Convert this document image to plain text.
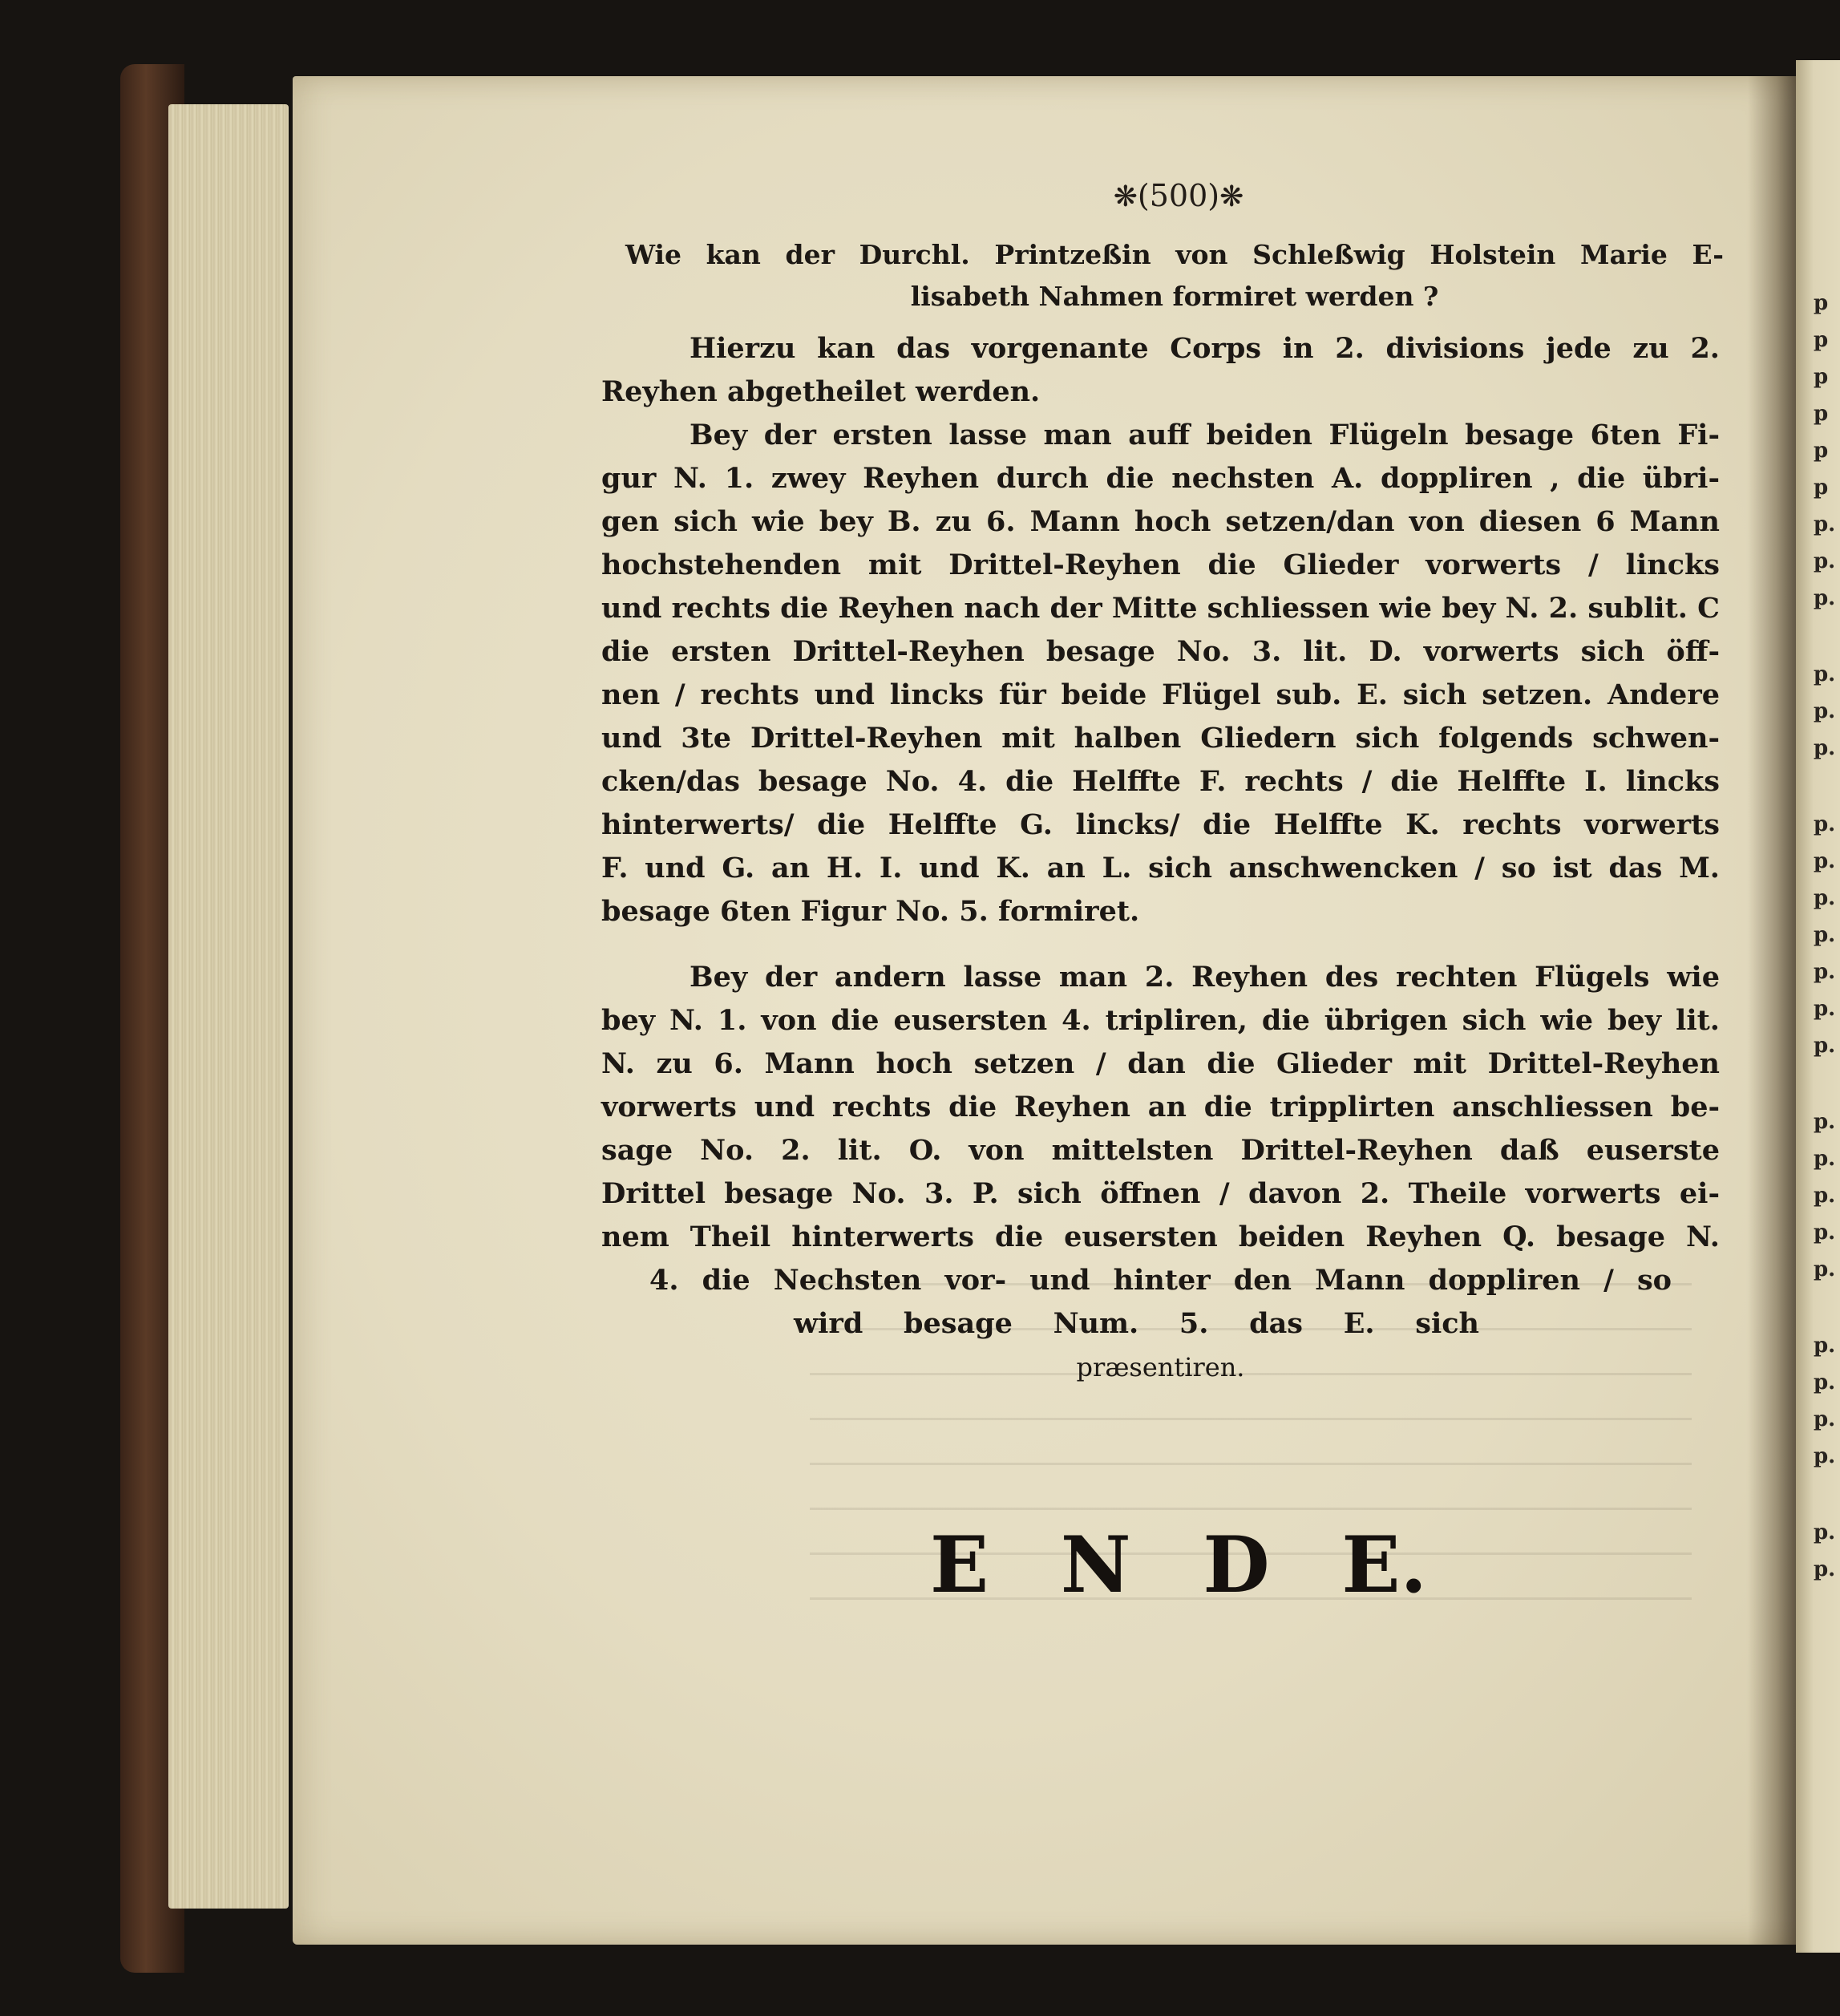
p
p
p
p
p
p
p.
p.
p.
p.
p.
p.
p.
p.
p.
p.
p.
p.
p.
p.
p.
p.
p.
p.
p.
p.
p.
p.
p.
p.
❋(500)❋
Wie kan der Durchl. Printzeßin von Schleßwig Holstein Marie E-
lisabeth Nahmen formiret werden ?
Hierzu kan das vorgenante Corps in 2. divisions jede zu 2.
Reyhen abgetheilet werden.
Bey der ersten lasse man auff beiden Flügeln besage 6ten Fi-
gur N. 1. zwey Reyhen durch die nechsten A. doppliren , die übri-
gen sich wie bey B. zu 6. Mann hoch setzen/dan von diesen 6 Mann
hochstehenden mit Drittel-Reyhen die Glieder vorwerts / lincks
und rechts die Reyhen nach der Mitte schliessen wie bey N. 2. sublit. C
die ersten Drittel-Reyhen besage No. 3. lit. D. vorwerts sich öff-
nen / rechts und lincks für beide Flügel sub. E. sich setzen. Andere
und 3te Drittel-Reyhen mit halben Gliedern sich folgends schwen-
cken/das besage No. 4. die Helffte F. rechts / die Helffte I. lincks
hinterwerts/ die Helffte G. lincks/ die Helffte K. rechts vorwerts
F. und G. an H. I. und K. an L. sich anschwencken / so ist das M.
besage 6ten Figur No. 5. formiret.
Bey der andern lasse man 2. Reyhen des rechten Flügels wie
bey N. 1. von die eusersten 4. tripliren, die übrigen sich wie bey lit.
N. zu 6. Mann hoch setzen / dan die Glieder mit Drittel-Reyhen
vorwerts und rechts die Reyhen an die tripplirten anschliessen be-
sage No. 2. lit. O. von mittelsten Drittel-Reyhen daß euserste
Drittel besage No. 3. P. sich öffnen / davon 2. Theile vorwerts ei-
nem Theil hinterwerts die eusersten beiden Reyhen Q. besage N.
4. die Nechsten vor- und hinter den Mann doppliren / so
wird besage Num. 5. das E. sich
præsentiren.
E N D E.
